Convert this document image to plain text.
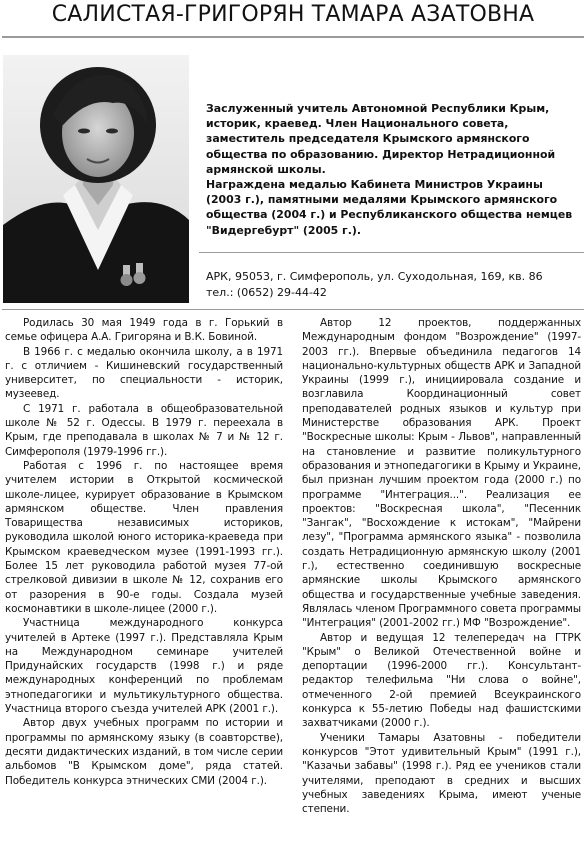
САЛИСТАЯ-ГРИГОРЯН ТАМАРА АЗАТОВНА

Заслуженный учитель Автономной Республики Крым, историк, краевед. Член Национального совета, заместитель председателя Крымского армянского общества по образованию. Директор Нетрадиционной армянской школы.

Награждена медалью Кабинета Министров Украины (2003 г.), памятными медалями Крымского армянского общества (2004 г.) и Республиканского общества немцев "Видергебурт" (2005 г.).

АРК, 95053, г. Симферополь, ул. Суходольная, 169, кв. 86
тел.: (0652) 29-44-42

Родилась 30 мая 1949 года в г. Горький в семье офицера А.А. Григоряна и В.К. Бовиной.

В 1966 г. с медалью окончила школу, а в 1971 г. с отличием - Кишиневский государственный университет, по специальности - историк, музеевед.

С 1971 г. работала в общеобразовательной школе № 52 г. Одессы. В 1979 г. переехала в Крым, где преподавала в школах № 7 и № 12 г. Симферополя (1979-1996 гг.).

Работая с 1996 г. по настоящее время учителем истории в Открытой космической школе-лицее, курирует образование в Крымском армянском обществе. Член правления Товарищества независимых историков, руководила школой юного историка-краеведа при Крымском краеведческом музее (1991-1993 гг.). Более 15 лет руководила работой музея 77-ой стрелковой дивизии в школе № 12, сохранив его от разорения в 90-е годы. Создала музей космонавтики в школе-лицее (2000 г.).

Участница международного конкурса учителей в Артеке (1997 г.). Представляла Крым на Международном семинаре учителей Придунайских государств (1998 г.) и ряде международных конференций по проблемам этнопедагогики и мультикультурного общества. Участница второго съезда учителей АРК (2001 г.).

Автор двух учебных программ по истории и программы по армянскому языку (в соавторстве), десяти дидактических изданий, в том числе серии альбомов "В Крымском доме", ряда статей. Победитель конкурса этнических СМИ (2004 г.).

Автор 12 проектов, поддержанных Международным фондом "Возрождение" (1997-2003 гг.). Впервые объединила педагогов 14 национально-культурных обществ АРК и Западной Украины (1999 г.), инициировала создание и возглавила Координационный совет преподавателей родных языков и культур при Министерстве образования АРК. Проект "Воскресные школы: Крым - Львов", направленный на становление и развитие поликультурного образования и этнопедагогики в Крыму и Украине, был признан лучшим проектом года (2000 г.) по программе "Интеграция...". Реализация ее проектов: "Воскресная школа", "Песенник "Зангак", "Восхождение к истокам", "Майрени лезу", "Программа армянского языка" - позволила создать Нетрадиционную армянскую школу (2001 г.), естественно соединившую воскресные армянские школы Крымского армянского общества и государственные учебные заведения. Являлась членом Программного совета программы "Интеграция" (2001-2002 гг.) МФ "Возрождение".

Автор и ведущая 12 телепередач на ГТРК "Крым" о Великой Отечественной войне и депортации (1996-2000 гг.). Консультант-редактор телефильма "Ни слова о войне", отмеченного 2-ой премией Всеукраинского конкурса к 55-летию Победы над фашистскими захватчиками (2000 г.).

Ученики Тамары Азатовны - победители конкурсов "Этот удивительный Крым" (1991 г.), "Казачьи забавы" (1998 г.). Ряд ее учеников стали учителями, преподают в средних и высших учебных заведениях Крыма, имеют ученые степени.
